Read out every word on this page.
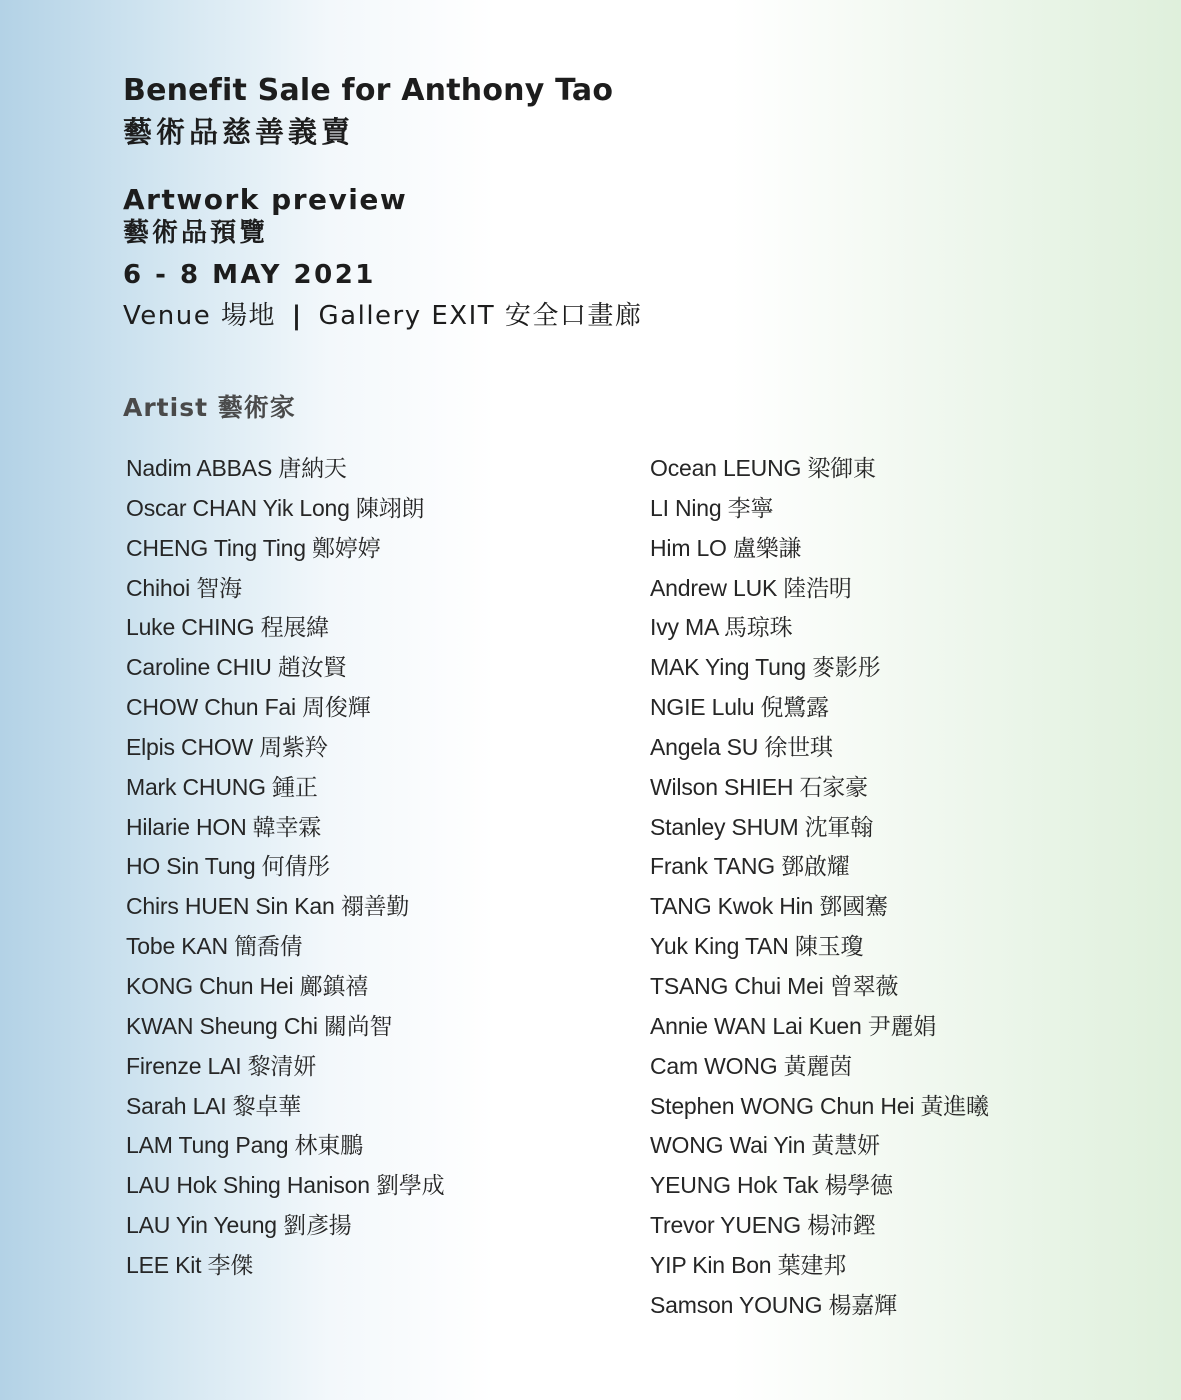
Benefit Sale for Anthony Tao
藝術品慈善義賣
Artwork preview
藝術品預覽
6 - 8 MAY 2021
Venue 場地 | Gallery EXIT 安全口畫廊
Artist 藝術家
Nadim ABBAS 唐納天
Oscar CHAN Yik Long 陳翊朗
CHENG Ting Ting 鄭婷婷
Chihoi 智海
Luke CHING 程展緯
Caroline CHIU 趙汝賢
CHOW Chun Fai 周俊輝
Elpis CHOW 周紫羚
Mark CHUNG 鍾正
Hilarie HON 韓幸霖
HO Sin Tung 何倩彤
Chirs HUEN Sin Kan 禤善勤
Tobe KAN 簡喬倩
KONG Chun Hei 鄺鎮禧
KWAN Sheung Chi 關尚智
Firenze LAI 黎清妍
Sarah LAI 黎卓華
LAM Tung Pang 林東鵬
LAU Hok Shing Hanison 劉學成
LAU Yin Yeung 劉彥揚
LEE Kit 李傑
Ocean LEUNG 梁御東
LI Ning 李寧
Him LO 盧樂謙
Andrew LUK 陸浩明
Ivy MA 馬琼珠
MAK Ying Tung 麥影彤
NGIE Lulu 倪鷺露
Angela SU 徐世琪
Wilson SHIEH 石家豪
Stanley SHUM 沈軍翰
Frank TANG 鄧啟耀
TANG Kwok Hin 鄧國騫
Yuk King TAN 陳玉瓊
TSANG Chui Mei 曾翠薇
Annie WAN Lai Kuen 尹麗娟
Cam WONG 黃麗茵
Stephen WONG Chun Hei 黃進曦
WONG Wai Yin 黃慧妍
YEUNG Hok Tak 楊學德
Trevor YUENG 楊沛鏗
YIP Kin Bon 葉建邦
Samson YOUNG 楊嘉輝
